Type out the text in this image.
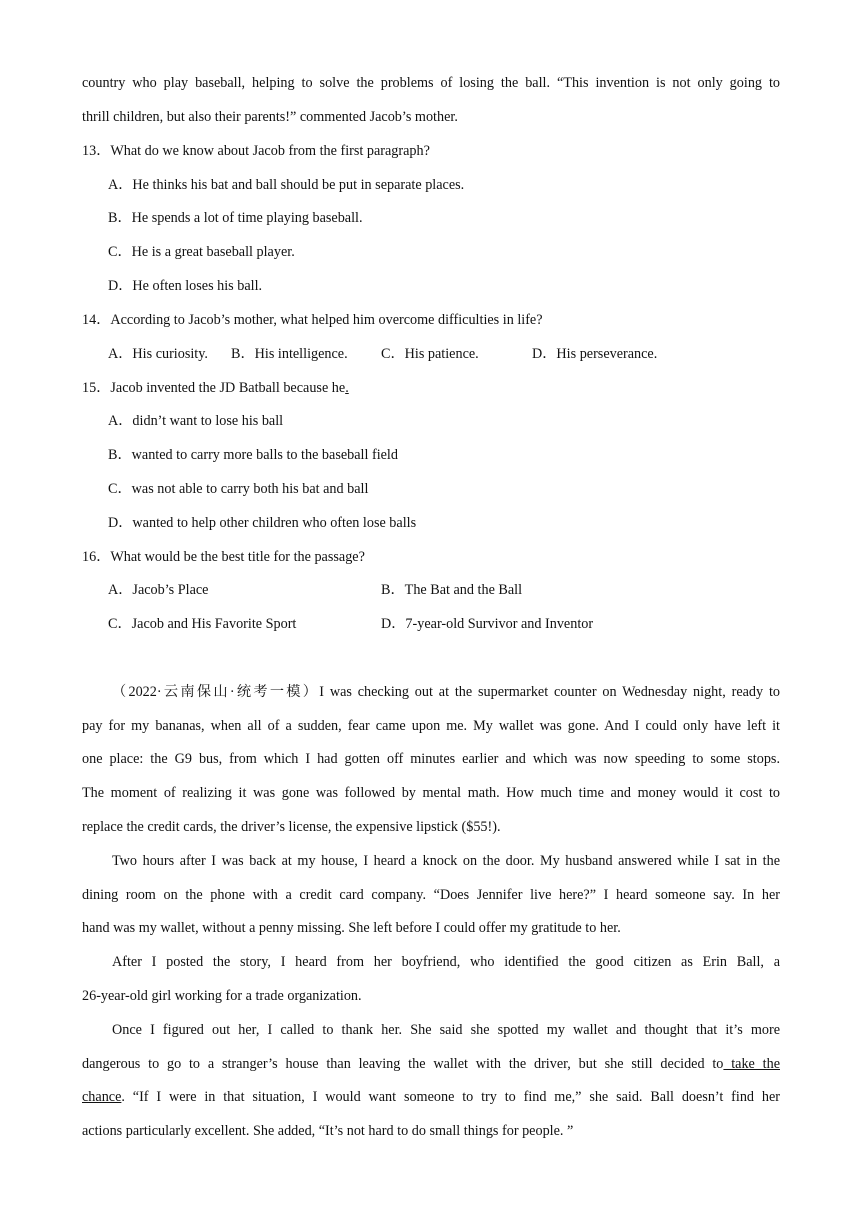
country who play baseball, helping to solve the problems of losing the ball. “This invention is not only going to
thrill children, but also their parents!” commented Jacob’s mother.
13．What do we know about Jacob from the first paragraph?
A．He thinks his bat and ball should be put in separate places.
B．He spends a lot of time playing baseball.
C．He is a great baseball player.
D．He often loses his ball.
14．According to Jacob’s mother, what helped him overcome difficulties in life?
A．His curiosity. B．His intelligence. C．His patience.	D．His perseverance.
15．Jacob invented the JD Batball because he.
A．didn’t want to lose his ball
B．wanted to carry more balls to the baseball field
C．was not able to carry both his bat and ball
D．wanted to help other children who often lose balls
16．What would be the best title for the passage?
A．Jacob’s Place	B．The Bat and the Ball
C．Jacob and His Favorite Sport	D．7-year-old Survivor and Inventor
（2022·云南保山·统考一模）I was checking out at the supermarket counter on Wednesday night, ready to
pay for my bananas, when all of a sudden, fear came upon me. My wallet was gone. And I could only have left it
one place: the G9 bus, from which I had gotten off minutes earlier and which was now speeding to some stops.
The moment of realizing it was gone was followed by mental math. How much time and money would it cost to
replace the credit cards, the driver’s license, the expensive lipstick ($55!).
Two hours after I was back at my house, I heard a knock on the door. My husband answered while I sat in the
dining room on the phone with a credit card company. “Does Jennifer live here?” I heard someone say. In her
hand was my wallet, without a penny missing. She left before I could offer my gratitude to her.
After I posted the story, I heard from her boyfriend, who identified the good citizen as Erin Ball, a
26-year-old girl working for a trade organization.
Once I figured out her, I called to thank her. She said she spotted my wallet and thought that it’s more
dangerous to go to a stranger’s house than leaving the wallet with the driver, but she still decided to take the
chance. “If I were in that situation, I would want someone to try to find me,” she said. Ball doesn’t find her
actions particularly excellent. She added, “It’s not hard to do small things for people. ”
